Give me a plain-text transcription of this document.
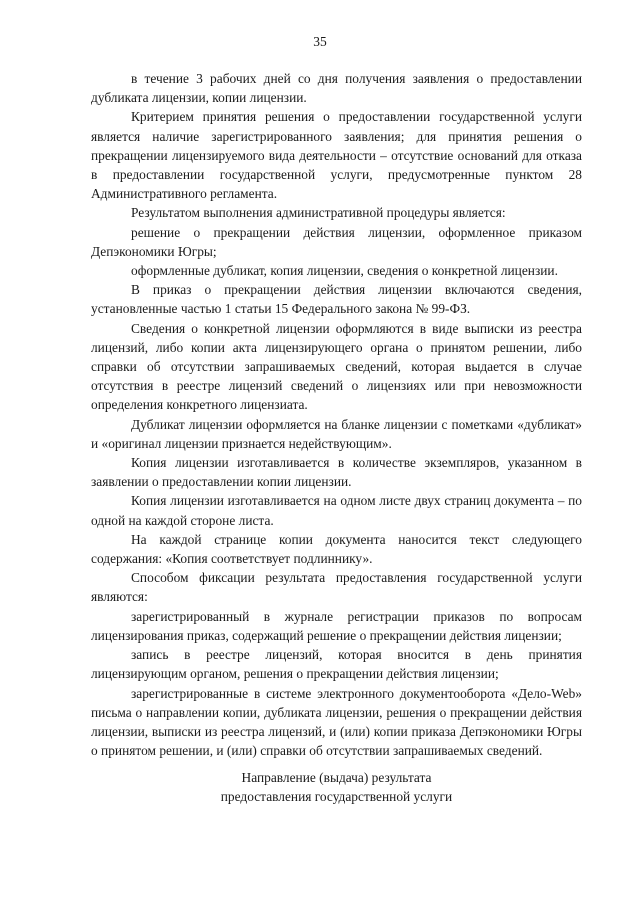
35

в течение 3 рабочих дней со дня получения заявления о предоставлении дубликата лицензии, копии лицензии.

Критерием принятия решения о предоставлении государственной услуги является наличие зарегистрированного заявления; для принятия решения о прекращении лицензируемого вида деятельности – отсутствие оснований для отказа в предоставлении государственной услуги, предусмотренные пунктом 28 Административного регламента.

Результатом выполнения административной процедуры является:

решение о прекращении действия лицензии, оформленное приказом Депэкономики Югры;

оформленные дубликат, копия лицензии, сведения о конкретной лицензии.

В приказ о прекращении действия лицензии включаются сведения, установленные частью 1 статьи 15 Федерального закона № 99-ФЗ.

Сведения о конкретной лицензии оформляются в виде выписки из реестра лицензий, либо копии акта лицензирующего органа о принятом решении, либо справки об отсутствии запрашиваемых сведений, которая выдается в случае отсутствия в реестре лицензий сведений о лицензиях или при невозможности определения конкретного лицензиата.

Дубликат лицензии оформляется на бланке лицензии с пометками «дубликат» и «оригинал лицензии признается недействующим».

Копия лицензии изготавливается в количестве экземпляров, указанном в заявлении о предоставлении копии лицензии.

Копия лицензии изготавливается на одном листе двух страниц документа – по одной на каждой стороне листа.

На каждой странице копии документа наносится текст следующего содержания: «Копия соответствует подлиннику».

Способом фиксации результата предоставления государственной услуги являются:

зарегистрированный в журнале регистрации приказов по вопросам лицензирования приказ, содержащий решение о прекращении действия лицензии;

запись в реестре лицензий, которая вносится в день принятия лицензирующим органом, решения о прекращении действия лицензии;

зарегистрированные в системе электронного документооборота «Дело-Web» письма о направлении копии, дубликата лицензии, решения о прекращении действия лицензии, выписки из реестра лицензий, и (или) копии приказа Депэкономики Югры о принятом решении, и (или) справки об отсутствии запрашиваемых сведений.

Направление (выдача) результата
предоставления государственной услуги
